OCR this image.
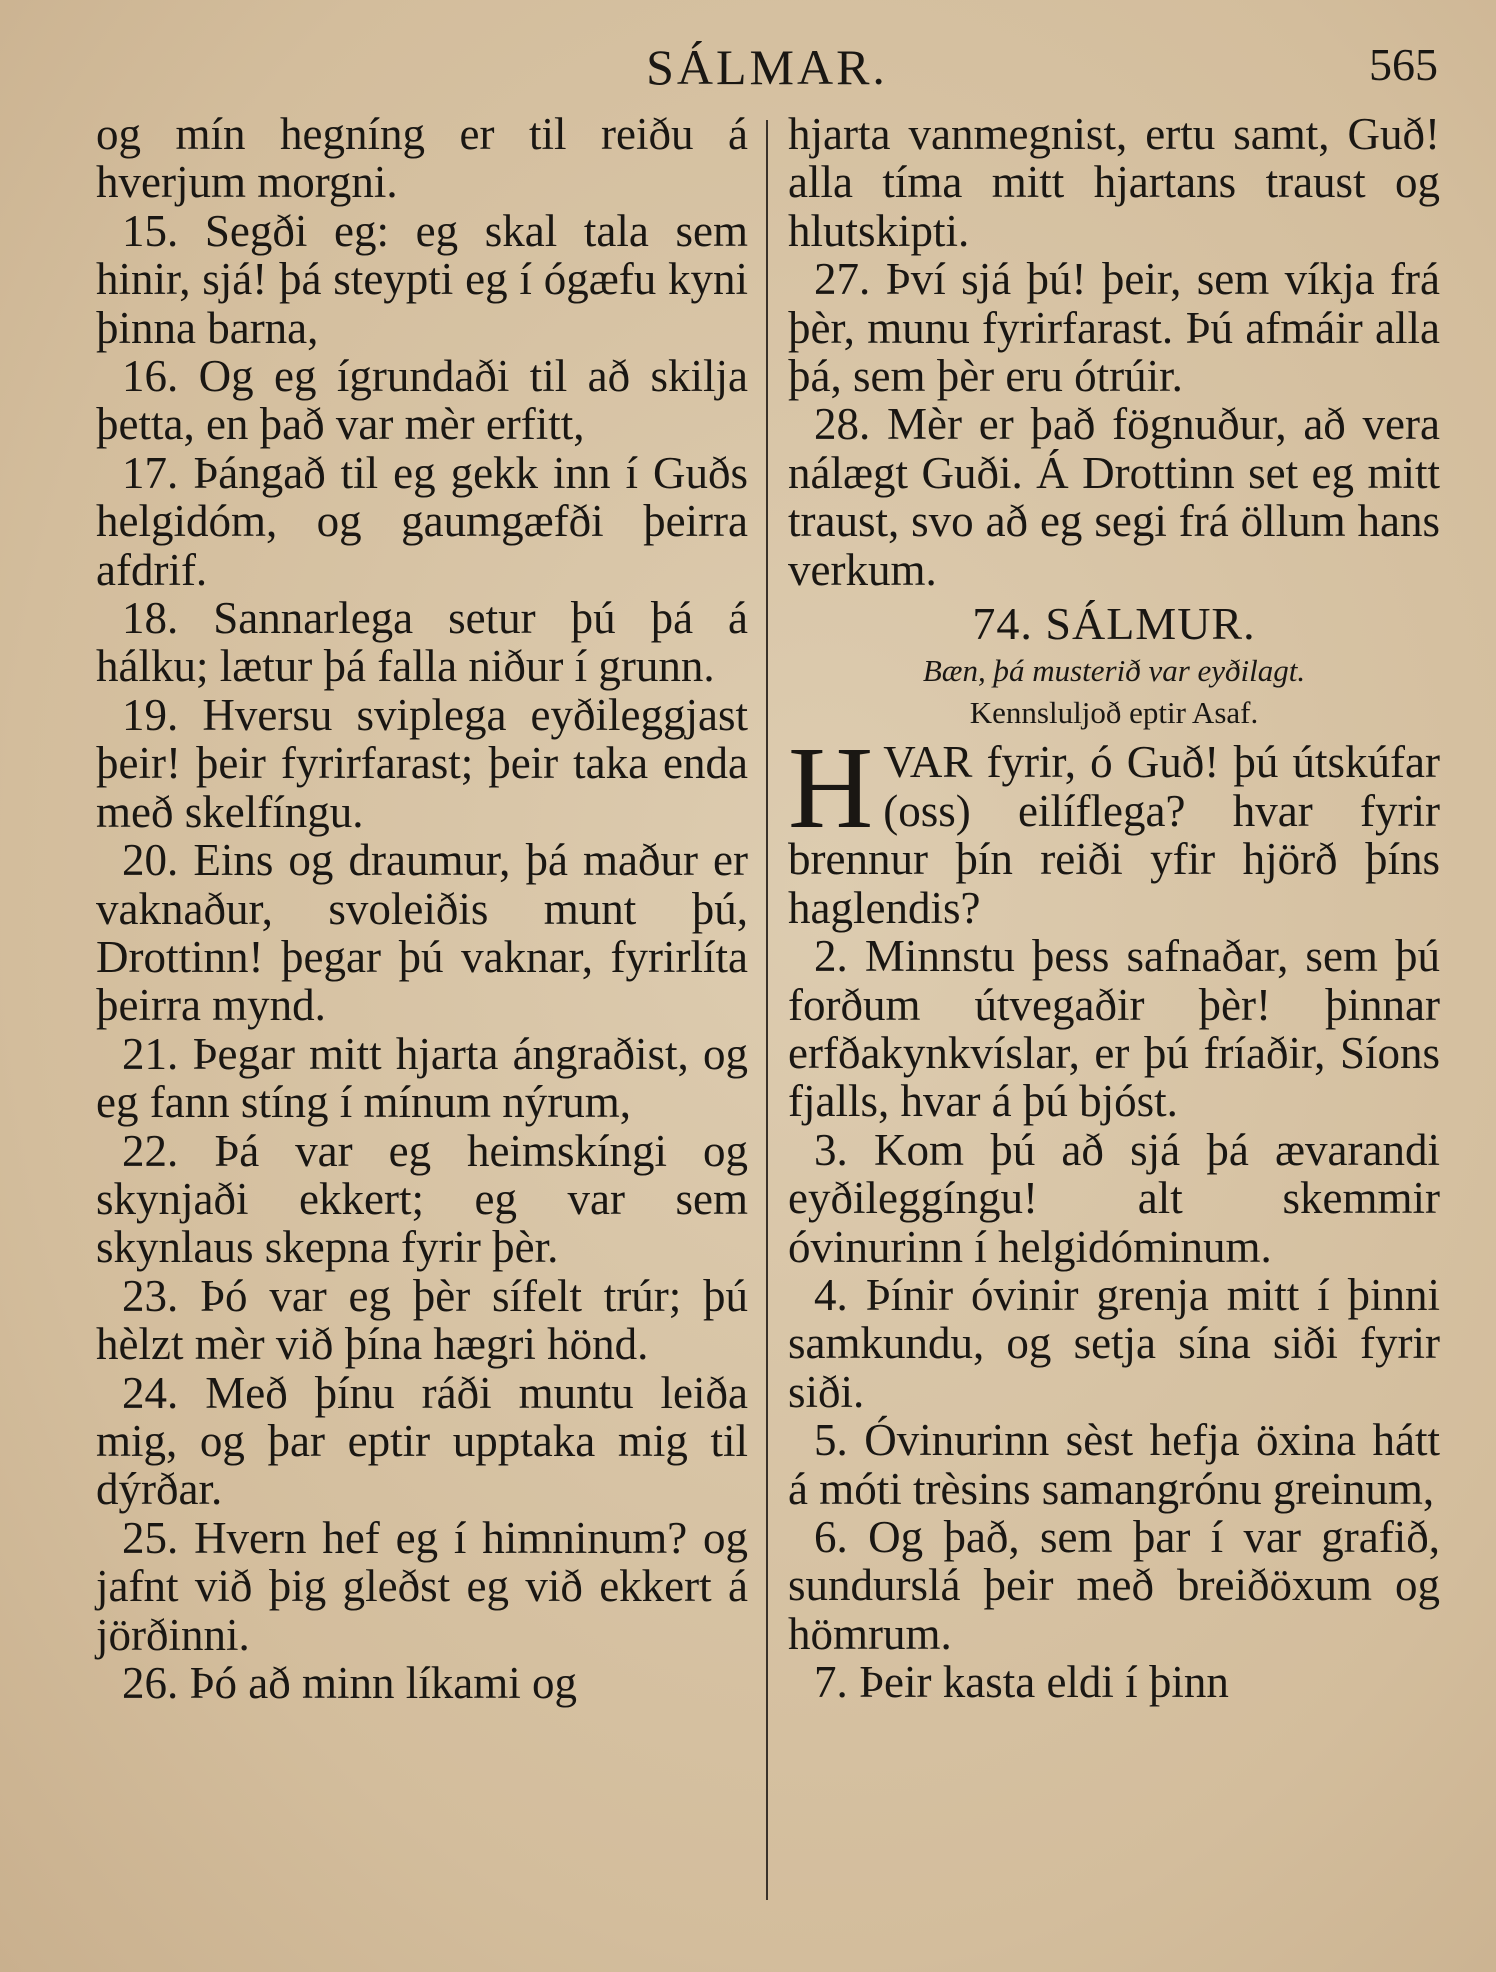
SÁLMAR.	565

og mín hegníng er til reiðu á hverjum morgni.

15. Segði eg: eg skal tala sem hinir, sjá! þá steypti eg í ógæfu kyni þinna barna,

16. Og eg ígrundaði til að skilja þetta, en það var mèr erfitt,

17. Þángað til eg gekk inn í Guðs helgidóm, og gaumgæfði þeirra afdrif.

18. Sannarlega setur þú þá á hálku; lætur þá falla niður í grunn.

19. Hversu sviplega eyðileggjast þeir! þeir fyrirfarast; þeir taka enda með skelfíngu.

20. Eins og draumur, þá maður er vaknaður, svoleiðis munt þú, Drottinn! þegar þú vaknar, fyrirlíta þeirra mynd.

21. Þegar mitt hjarta ángraðist, og eg fann stíng í mínum nýrum,

22. Þá var eg heimskíngi og skynjaði ekkert; eg var sem skynlaus skepna fyrir þèr.

23. Þó var eg þèr sífelt trúr; þú hèlzt mèr við þína hægri hönd.

24. Með þínu ráði muntu leiða mig, og þar eptir upptaka mig til dýrðar.

25. Hvern hef eg í himninum? og jafnt við þig gleðst eg við ekkert á jörðinni.

26. Þó að minn líkami og

hjarta vanmegnist, ertu samt, Guð! alla tíma mitt hjartans traust og hlutskipti.

27. Því sjá þú! þeir, sem víkja frá þèr, munu fyrirfarast. Þú afmáir alla þá, sem þèr eru ótrúir.

28. Mèr er það fögnuður, að vera nálægt Guði. Á Drottinn set eg mitt traust, svo að eg segi frá öllum hans verkum.

74. SÁLMUR.
Bæn, þá musterið var eyðilagt.
Kennsluljoð eptir Asaf.

HVAR fyrir, ó Guð! þú útskúfar (oss) eilíflega? hvar fyrir brennur þín reiði yfir hjörð þíns haglendis?

2. Minnstu þess safnaðar, sem þú forðum útvegaðir þèr! þinnar erfðakynkvíslar, er þú fríaðir, Síons fjalls, hvar á þú bjóst.

3. Kom þú að sjá þá ævarandi eyðileggíngu! alt skemmir óvinurinn í helgidóminum.

4. Þínir óvinir grenja mitt í þinni samkundu, og setja sína siði fyrir siði.

5. Óvinurinn sèst hefja öxina hátt á móti trèsins samangrónu greinum,

6. Og það, sem þar í var grafið, sundurslá þeir með breiðöxum og hömrum.

7. Þeir kasta eldi í þinn
